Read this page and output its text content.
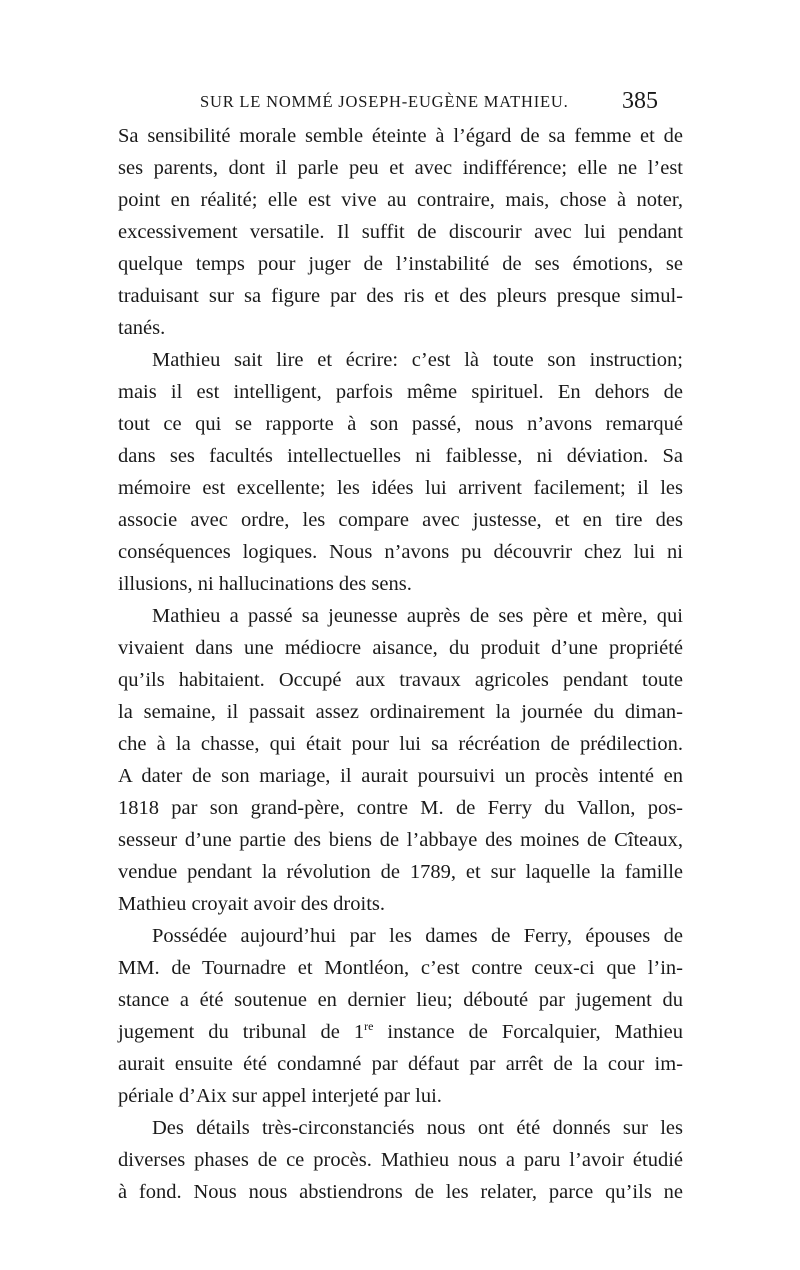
SUR LE NOMMÉ JOSEPH-EUGÈNE MATHIEU. 385
Sa sensibilité morale semble éteinte à l’égard de sa femme et de
ses parents, dont il parle peu et avec indifférence; elle ne l’est
point en réalité; elle est vive au contraire, mais, chose à noter,
excessivement versatile. Il suffit de discourir avec lui pendant
quelque temps pour juger de l’instabilité de ses émotions, se
traduisant sur sa figure par des ris et des pleurs presque simul-
tanés.
Mathieu sait lire et écrire: c’est là toute son instruction;
mais il est intelligent, parfois même spirituel. En dehors de
tout ce qui se rapporte à son passé, nous n’avons remarqué
dans ses facultés intellectuelles ni faiblesse, ni déviation. Sa
mémoire est excellente; les idées lui arrivent facilement; il les
associe avec ordre, les compare avec justesse, et en tire des
conséquences logiques. Nous n’avons pu découvrir chez lui ni
illusions, ni hallucinations des sens.
Mathieu a passé sa jeunesse auprès de ses père et mère, qui
vivaient dans une médiocre aisance, du produit d’une propriété
qu’ils habitaient. Occupé aux travaux agricoles pendant toute
la semaine, il passait assez ordinairement la journée du diman-
che à la chasse, qui était pour lui sa récréation de prédilection.
A dater de son mariage, il aurait poursuivi un procès intenté en
1818 par son grand-père, contre M. de Ferry du Vallon, pos-
sesseur d’une partie des biens de l’abbaye des moines de Cîteaux,
vendue pendant la révolution de 1789, et sur laquelle la famille
Mathieu croyait avoir des droits.
Possédée aujourd’hui par les dames de Ferry, épouses de
MM. de Tournadre et Montléon, c’est contre ceux-ci que l’in-
stance a été soutenue en dernier lieu; débouté par jugement du
jugement du tribunal de 1re instance de Forcalquier, Mathieu
aurait ensuite été condamné par défaut par arrêt de la cour im-
périale d’Aix sur appel interjeté par lui.
Des détails très-circonstanciés nous ont été donnés sur les
diverses phases de ce procès. Mathieu nous a paru l’avoir étudié
à fond. Nous nous abstiendrons de les relater, parce qu’ils ne
